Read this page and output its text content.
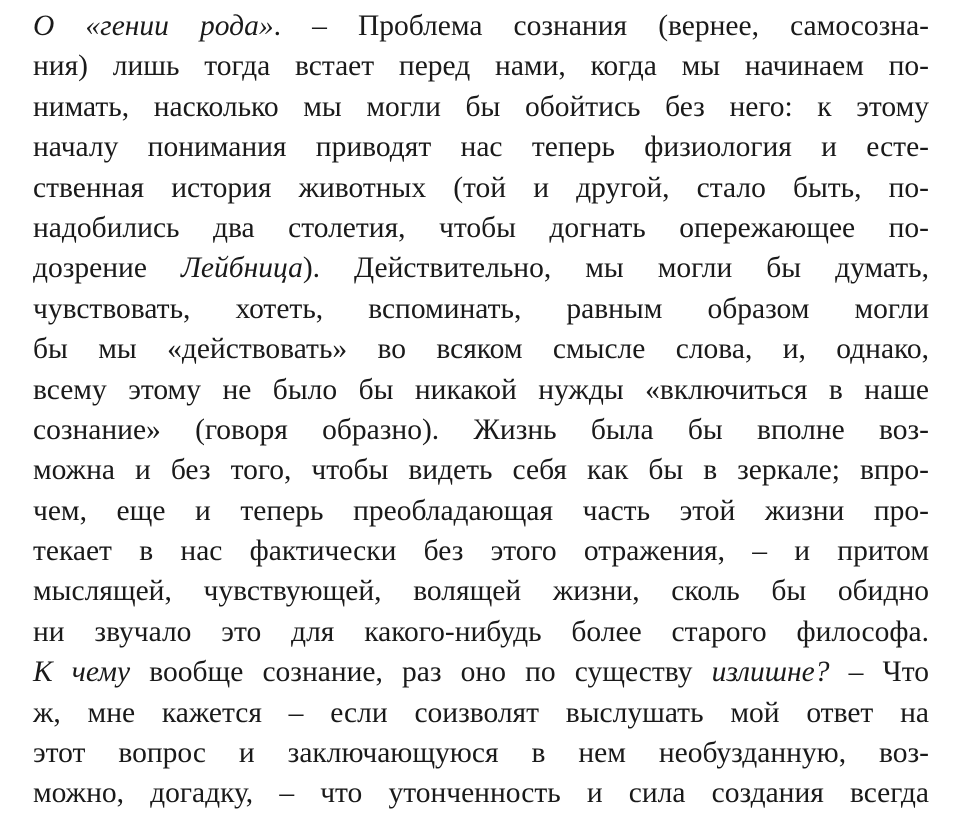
О «гении рода». – Проблема сознания (вернее, самосозна-
ния) лишь тогда встает перед нами, когда мы начинаем по-
нимать, насколько мы могли бы обойтись без него: к этому
началу понимания приводят нас теперь физиология и есте-
ственная история животных (той и другой, стало быть, по-
надобились два столетия, чтобы догнать опережающее по-
дозрение Лейбница). Действительно, мы могли бы думать,
чувствовать, хотеть, вспоминать, равным образом могли
бы мы «действовать» во всяком смысле слова, и, однако,
всему этому не было бы никакой нужды «включиться в наше
сознание» (говоря образно). Жизнь была бы вполне воз-
можна и без того, чтобы видеть себя как бы в зеркале; впро-
чем, еще и теперь преобладающая часть этой жизни про-
текает в нас фактически без этого отражения, – и притом
мыслящей, чувствующей, волящей жизни, сколь бы обидно
ни звучало это для какого-нибудь более старого философа.
К чему вообще сознание, раз оно по существу излишне? – Что
ж, мне кажется – если соизволят выслушать мой ответ на
этот вопрос и заключающуюся в нем необузданную, воз-
можно, догадку, – что утонченность и сила создания всегда
